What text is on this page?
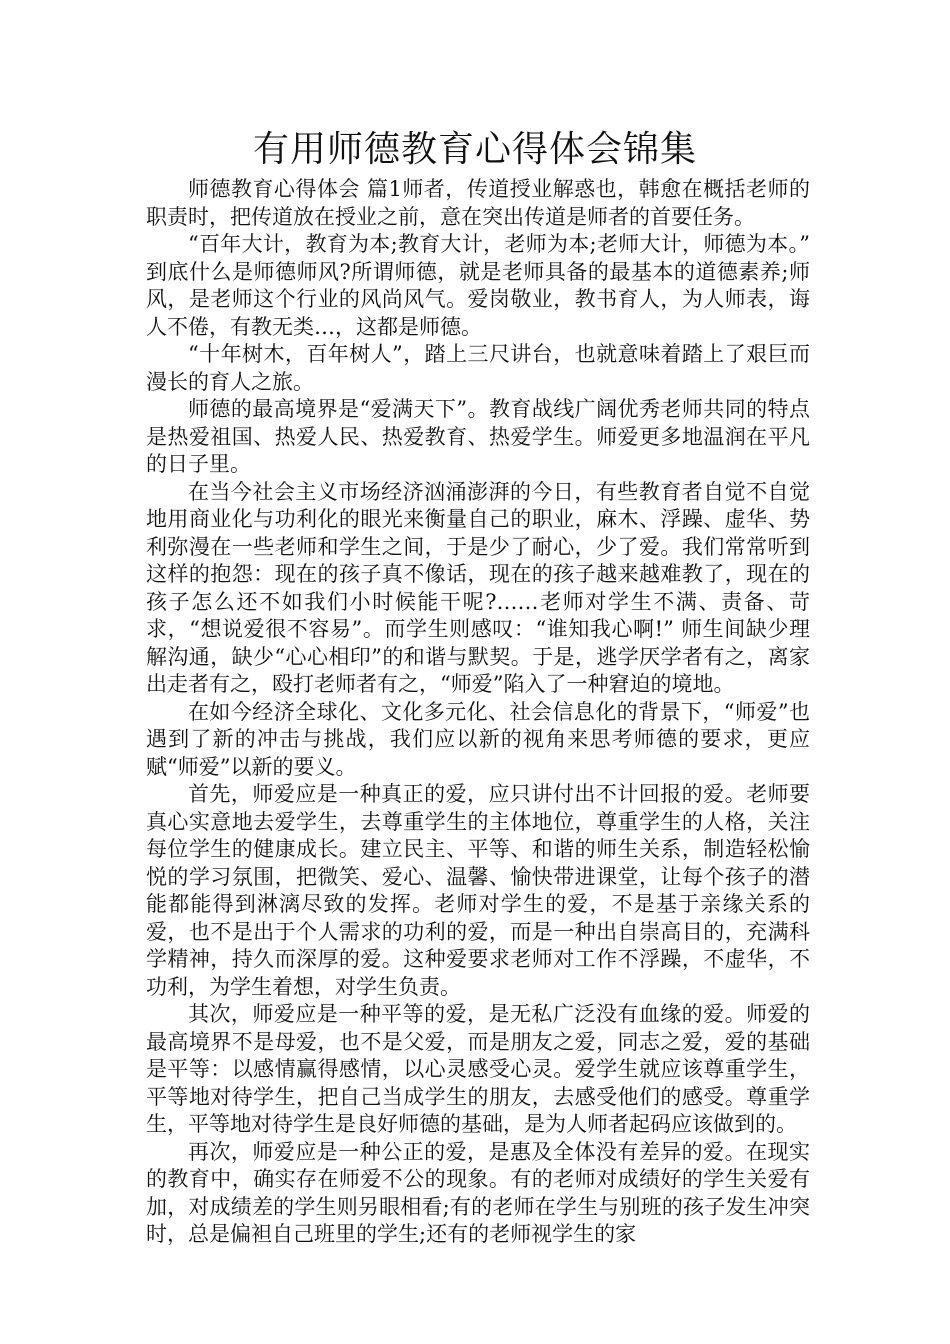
有用师德教育心得体会锦集

师德教育心得体会 篇1师者，传道授业解惑也，韩愈在概括老师的职责时，把传道放在授业之前，意在突出传道是师者的首要任务。

“百年大计，教育为本;教育大计，老师为本;老师大计，师德为本。” 到底什么是师德师风?所谓师德，就是老师具备的最基本的道德素养;师风，是老师这个行业的风尚风气。爱岗敬业，教书育人，为人师表，诲人不倦，有教无类…，这都是师德。

“十年树木，百年树人”，踏上三尺讲台，也就意味着踏上了艰巨而漫长的育人之旅。

师德的最高境界是“爱满天下”。教育战线广阔优秀老师共同的特点是热爱祖国、热爱人民、热爱教育、热爱学生。师爱更多地温润在平凡的日子里。

在当今社会主义市场经济汹涌澎湃的今日，有些教育者自觉不自觉地用商业化与功利化的眼光来衡量自己的职业，麻木、浮躁、虚华、势利弥漫在一些老师和学生之间，于是少了耐心，少了爱。我们常常听到这样的抱怨：现在的孩子真不像话，现在的孩子越来越难教了，现在的孩子怎么还不如我们小时候能干呢?……老师对学生不满、责备、苛求，“想说爱很不容易”。而学生则感叹：“谁知我心啊!” 师生间缺少理解沟通，缺少“心心相印”的和谐与默契。于是，逃学厌学者有之，离家出走者有之，殴打老师者有之，“师爱”陷入了一种窘迫的境地。

在如今经济全球化、文化多元化、社会信息化的背景下，“师爱”也遇到了新的冲击与挑战，我们应以新的视角来思考师德的要求，更应赋“师爱”以新的要义。

首先，师爱应是一种真正的爱，应只讲付出不计回报的爱。老师要真心实意地去爱学生，去尊重学生的主体地位，尊重学生的人格，关注每位学生的健康成长。建立民主、平等、和谐的师生关系，制造轻松愉悦的学习氛围，把微笑、爱心、温馨、愉快带进课堂，让每个孩子的潜能都能得到淋漓尽致的发挥。老师对学生的爱，不是基于亲缘关系的爱，也不是出于个人需求的功利的爱，而是一种出自崇高目的，充满科学精神，持久而深厚的爱。这种爱要求老师对工作不浮躁，不虚华，不功利，为学生着想，对学生负责。

其次，师爱应是一种平等的爱，是无私广泛没有血缘的爱。师爱的最高境界不是母爱，也不是父爱，而是朋友之爱，同志之爱，爱的基础是平等：以感情赢得感情，以心灵感受心灵。爱学生就应该尊重学生，平等地对待学生，把自己当成学生的朋友，去感受他们的感受。尊重学生，平等地对待学生是良好师德的基础，是为人师者起码应该做到的。

再次，师爱应是一种公正的爱，是惠及全体没有差异的爱。在现实的教育中，确实存在师爱不公的现象。有的老师对成绩好的学生关爱有加，对成绩差的学生则另眼相看;有的老师在学生与别班的孩子发生冲突时，总是偏袒自己班里的学生;还有的老师视学生的家
